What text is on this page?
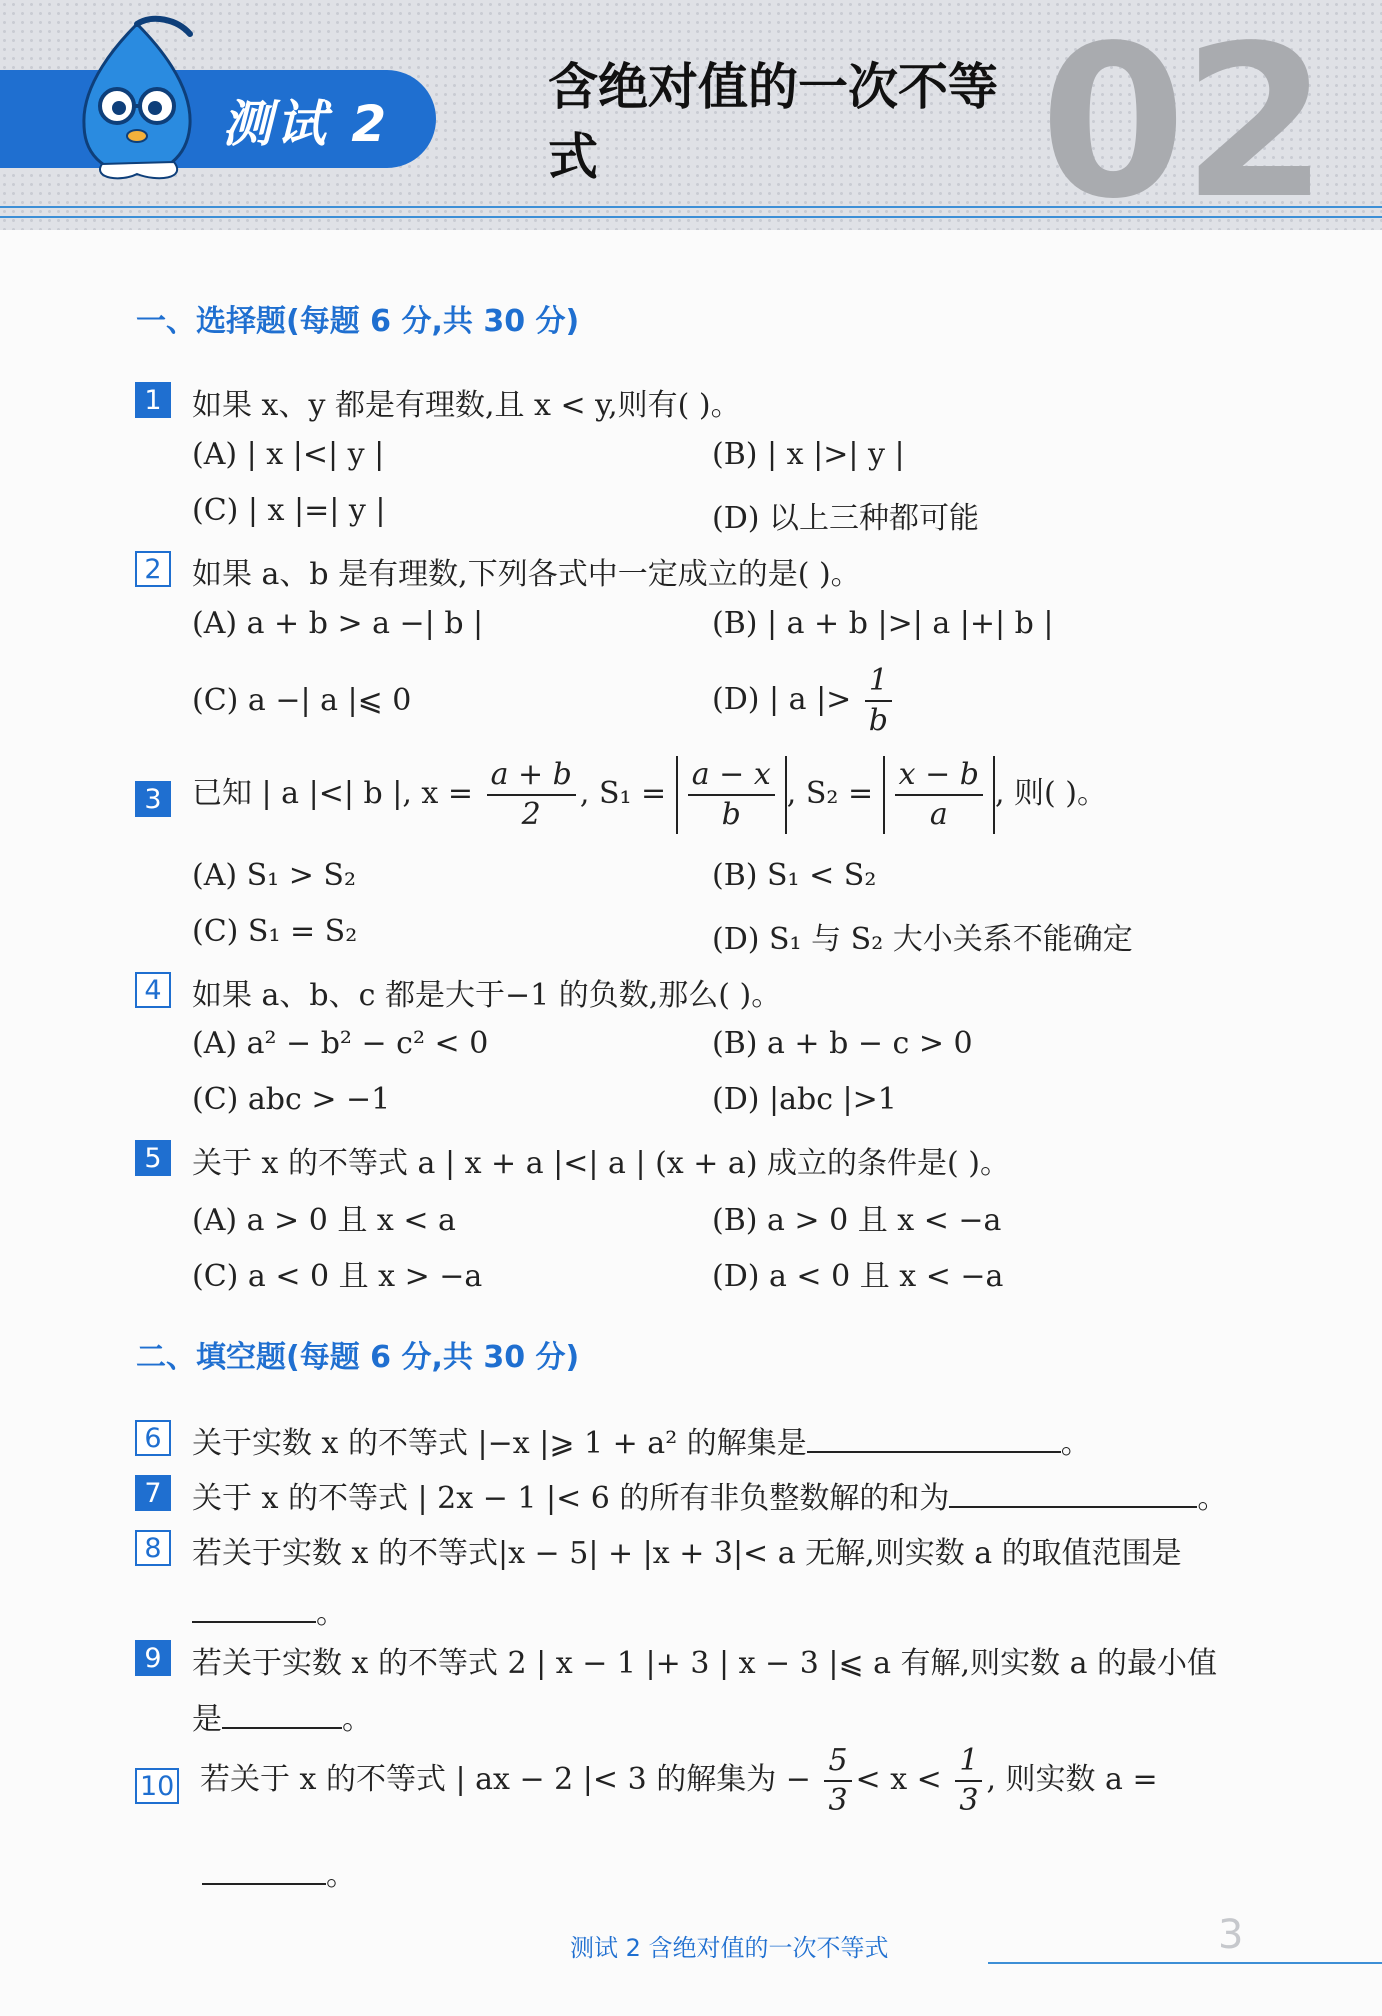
测试 2
含绝对值的一次不等式	02
一、选择题(每题 6 分,共 30 分)
1	如果 x、y 都是有理数,且 x < y,则有( )。
(A) | x |<| y |	(B) | x |>| y |
(C) | x |=| y |	(D) 以上三种都可能
2	如果 a、b 是有理数,下列各式中一定成立的是( )。
(A) a + b > a −| b |	(B) | a + b |>| a |+| b |
(C) a −| a |⩽ 0	(D) | a |> $\frac{1}{b}$
3	已知 | a |<| b |, $x = \frac{a + b}{2}$ , $S_1 = \frac{a - x}{b}$ , $S_2 = \frac{x - b}{a}$ , 则( )。
(A) S₁ > S₂	(B) S₁ < S₂
(C) S₁ = S₂	(D) S₁ 与 S₂ 大小关系不能确定
4	如果 a、b、c 都是大于−1 的负数,那么( )。
(A) a² − b² − c² < 0	(B) a + b − c > 0
(C) abc > −1	(D) |abc |>1
5	关于 x 的不等式 a | x + a |<| a | (x + a) 成立的条件是( )。
(A) a > 0 且 x < a	(B) a > 0 且 x < −a
(C) a < 0 且 x > −a	(D) a < 0 且 x < −a
二、填空题(每题 6 分,共 30 分)
6	关于实数 x 的不等式 |−x |⩾ 1 + a² 的解集是	。
7	关于 x 的不等式 | 2x − 1 |< 6 的所有非负整数解的和为	。
8	若关于实数 x 的不等式|x − 5| + |x + 3|< a 无解,则实数 a 的取值范围是
。
9	若关于实数 x 的不等式 2 | x − 1 |+ 3 | x − 3 |⩽ a 有解,则实数 a 的最小值
是	。
10 若关于 x 的不等式 | ax − 2 |< 3 的解集为 − $\frac{5}{3} < x < \frac{1}{3}$ , 则实数 a =
。
测试 2 含绝对值的一次不等式	3
